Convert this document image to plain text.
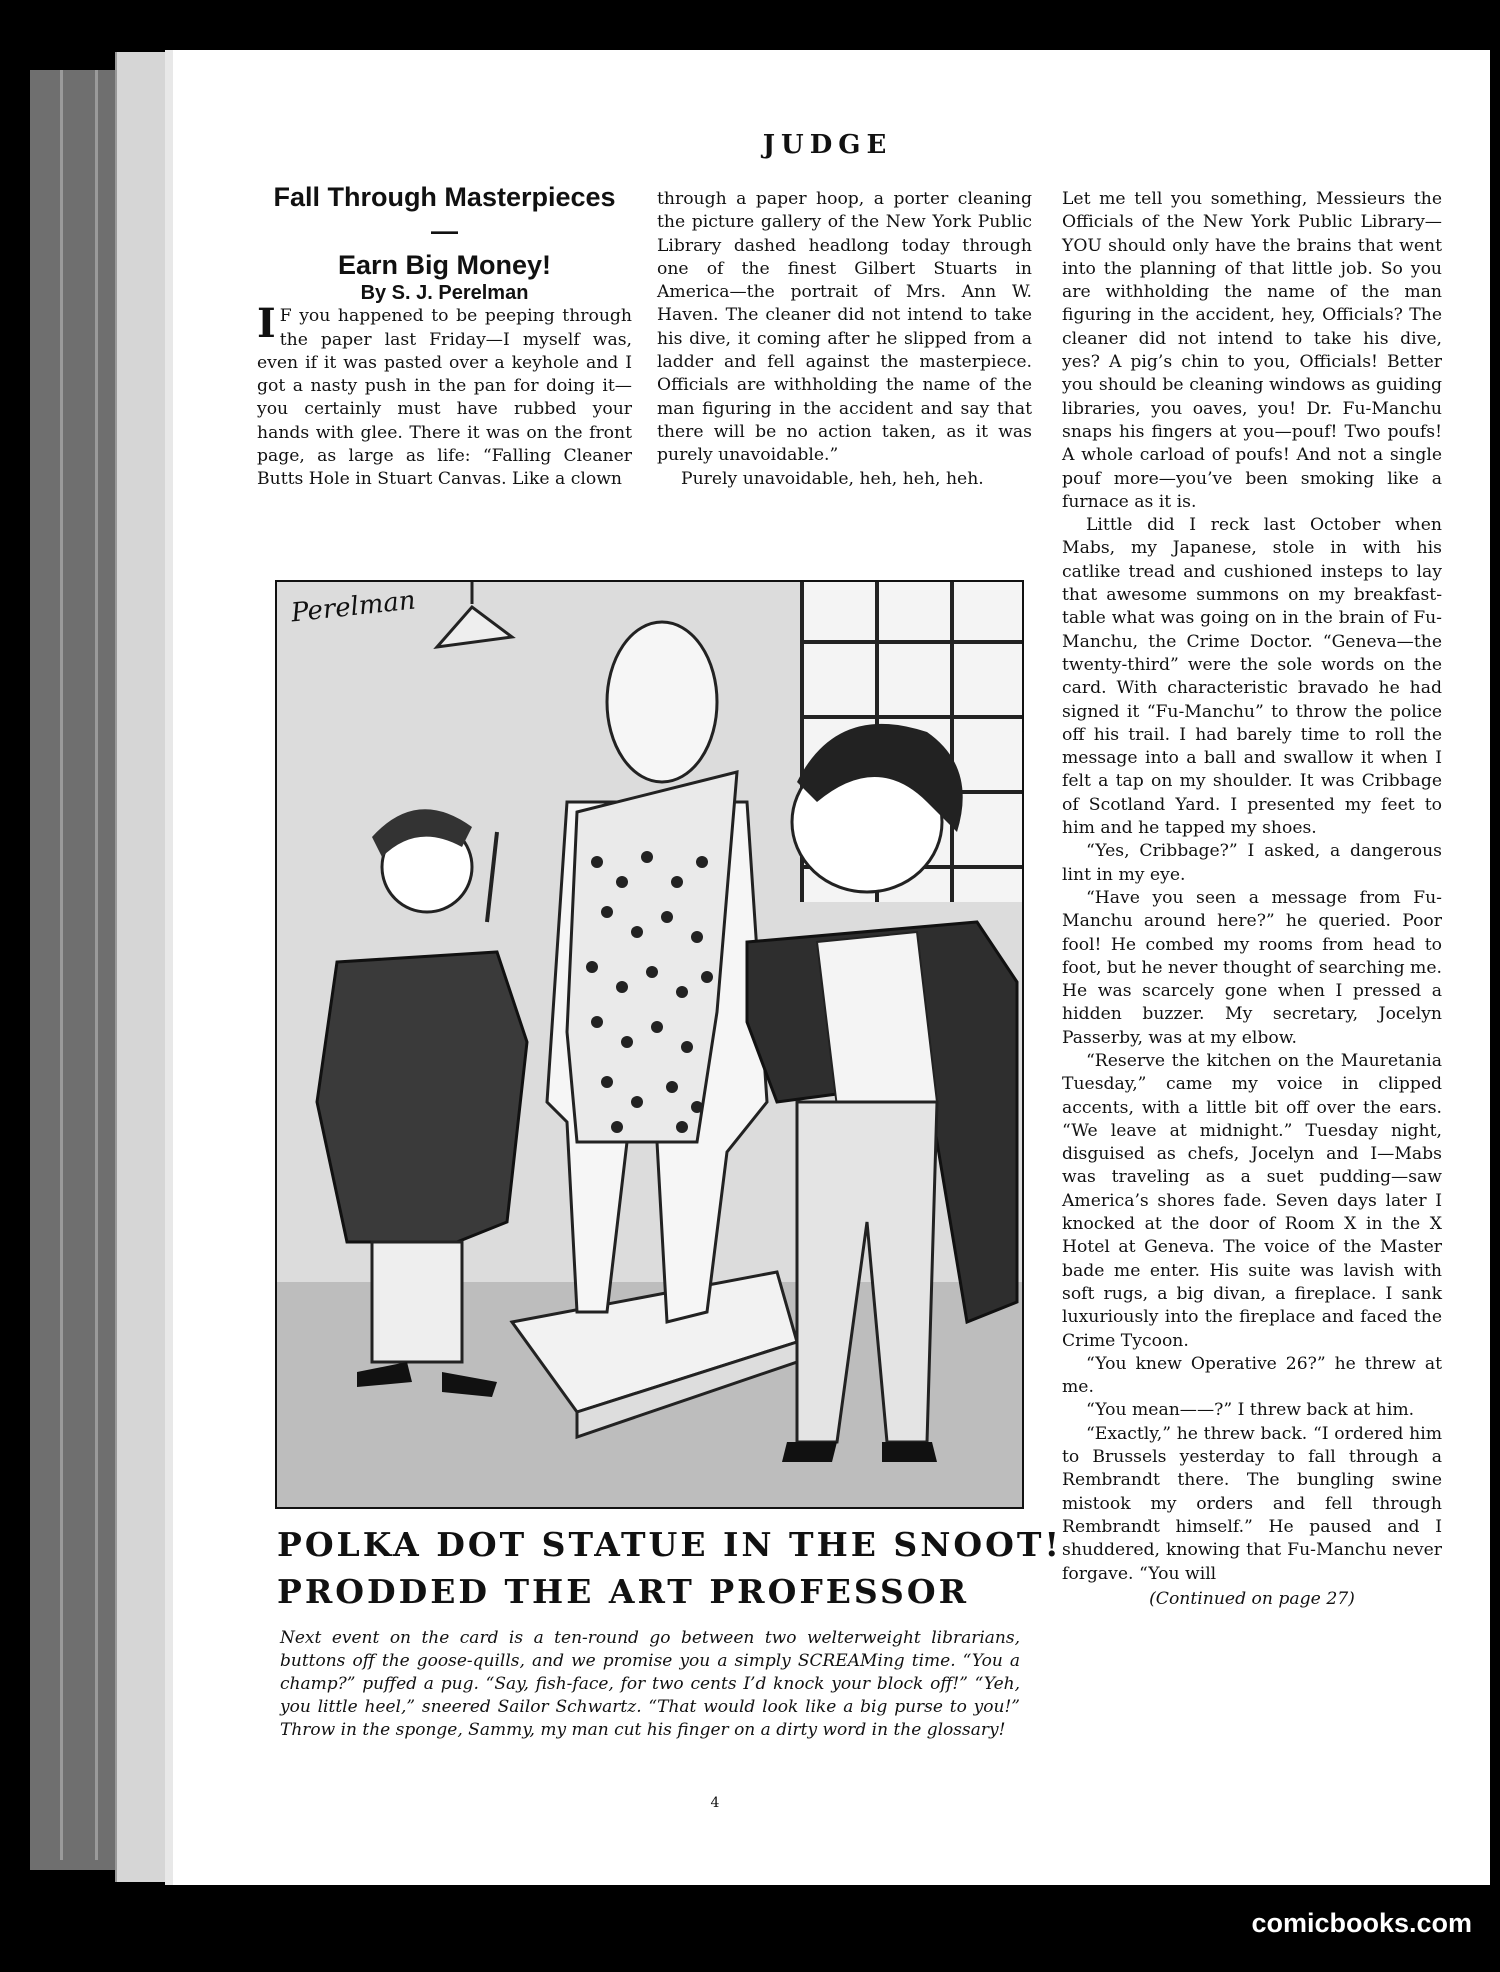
JUDGE

Fall Through Masterpieces —

Earn Big Money!

By S. J. Perelman

I F you happened to be peeping through the paper last Friday—I myself was, even if it was pasted over a keyhole and I got a nasty push in the pan for doing it—you certainly must have rubbed your hands with glee. There it was on the front page, as large as life: “Falling Cleaner Butts Hole in Stuart Canvas. Like a clown

through a paper hoop, a porter cleaning the picture gallery of the New York Public Library dashed headlong today through one of the finest Gilbert Stuarts in America—the portrait of Mrs. Ann W. Haven. The cleaner did not intend to take his dive, it coming after he slipped from a ladder and fell against the masterpiece. Officials are withholding the name of the man figuring in the accident and say that there will be no action taken, as it was purely unavoidable.”

Purely unavoidable, heh, heh, heh.

Let me tell you something, Messieurs the Officials of the New York Public Library—YOU should only have the brains that went into the planning of that little job. So you are withholding the name of the man figuring in the accident, hey, Officials? The cleaner did not intend to take his dive, yes? A pig’s chin to you, Officials! Better you should be cleaning windows as guiding libraries, you oaves, you! Dr. Fu-Manchu snaps his fingers at you—pouf! Two poufs! A whole carload of poufs! And not a single pouf more—you’ve been smoking like a furnace as it is.

Little did I reck last October when Mabs, my Japanese, stole in with his catlike tread and cushioned insteps to lay that awesome summons on my breakfast-table what was going on in the brain of Fu-Manchu, the Crime Doctor. “Geneva—the twenty-third” were the sole words on the card. With characteristic bravado he had signed it “Fu-Manchu” to throw the police off his trail. I had barely time to roll the message into a ball and swallow it when I felt a tap on my shoulder. It was Cribbage of Scotland Yard. I presented my feet to him and he tapped my shoes.

“Yes, Cribbage?” I asked, a dangerous lint in my eye.

“Have you seen a message from Fu-Manchu around here?” he queried. Poor fool! He combed my rooms from head to foot, but he never thought of searching me. He was scarcely gone when I pressed a hidden buzzer. My secretary, Jocelyn Passerby, was at my elbow.

“Reserve the kitchen on the Mauretania Tuesday,” came my voice in clipped accents, with a little bit off over the ears. “We leave at midnight.” Tuesday night, disguised as chefs, Jocelyn and I—Mabs was traveling as a suet pudding—saw America’s shores fade. Seven days later I knocked at the door of Room X in the X Hotel at Geneva. The voice of the Master bade me enter. His suite was lavish with soft rugs, a big divan, a fireplace. I sank luxuriously into the fireplace and faced the Crime Tycoon.

“You knew Operative 26?” he threw at me.

“You mean——?” I threw back at him.

“Exactly,” he threw back. “I ordered him to Brussels yesterday to fall through a Rembrandt there. The bungling swine mistook my orders and fell through Rembrandt himself.” He paused and I shuddered, knowing that Fu-Manchu never forgave. “You will

(Continued on page 27)

Perelman
POLKA DOT STATUE IN THE SNOOT!
PRODDED THE ART PROFESSOR
Next event on the card is a ten-round go between two welterweight librarians, buttons off the goose-quills, and we promise you a simply SCREAMing time. “You a champ?” puffed a pug. “Say, fish-face, for two cents I’d knock your block off!” “Yeh, you little heel,” sneered Sailor Schwartz. “That would look like a big purse to you!” Throw in the sponge, Sammy, my man cut his finger on a dirty word in the glossary!
4
comicbooks.com
